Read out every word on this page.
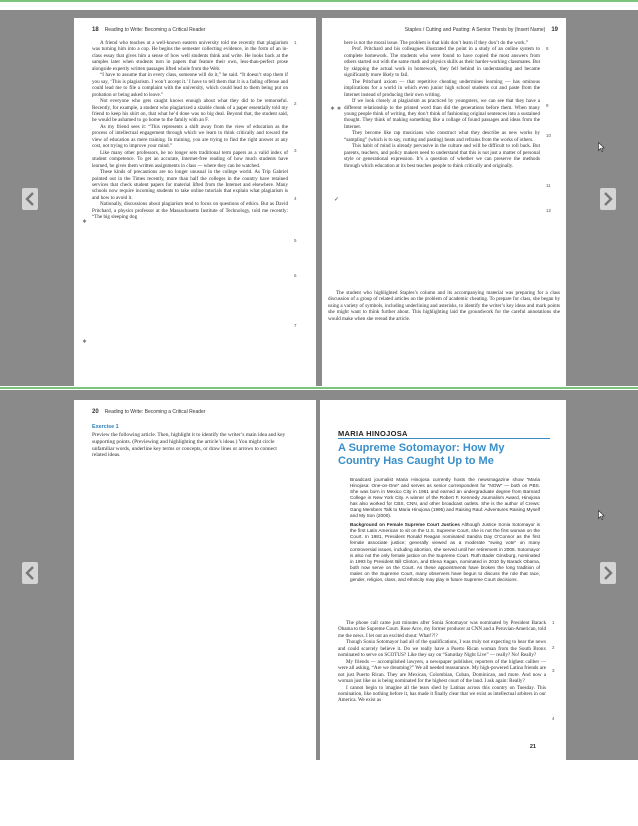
18 Reading to Write: Becoming a Critical Reader

A friend who teaches at a well-known eastern university told me recently that plagiarism was turning him into a cop. He begins the semester collecting evidence, in the form of an in-class essay that gives him a sense of how well students think and write. He looks back at the samples later when students turn in papers that feature their own, less-than-perfect prose alongside expertly written passages lifted whole from the Web.

“I have to assume that in every class, someone will do it,” he said. “It doesn’t stop them if you say, ‘This is plagiarism. I won’t accept it.’ I have to tell them that it is a fading offense and could lead me to file a complaint with the university, which could lead to them being put on probation or being asked to leave.”

Not everyone who gets caught knows enough about what they did to be remorseful. Recently, for example, a student who plagiarized a sizable chunk of a paper essentially told my friend to keep his shirt on, that what he’d done was no big deal. Beyond that, the student said, he would be ashamed to go home to the family with an F.

As my friend sees it: “This represents a shift away from the view of education as the process of intellectual engagement through which we learn to think critically and toward the view of education as mere training. In training, you are trying to find the right answer at any cost, not trying to improve your mind.”

Like many other professors, he no longer sets traditional term papers as a valid index of student competence. To get an accurate, Internet-free reading of how much students have learned, he gives them written assignments in class — where they can be watched.

These kinds of precautions are no longer unusual in the college world. As Trip Gabriel pointed out in the Times recently, more than half the colleges in the country have retained services that check student papers for material lifted from the Internet and elsewhere. Many schools now require incoming students to take online tutorials that explain what plagiarism is and how to avoid it.

Nationally, discussions about plagiarism tend to focus on questions of ethics. But as David Pritchard, a physics professor at the Massachusetts Institute of Technology, told me recently: “The big sleeping dog

1
2
3
4
5
6
7
∗
∗
Staples / Cutting and Pasting: A Senior Thesis by (Insert Name) 19

here is not the moral issue. The problem is that kids don’t learn if they don’t do the work.”

Prof. Pritchard and his colleagues illustrated the point in a study of an online system to complete homework. The students who were found to have copied the most answers from others started out with the same math and physics skills as their harder-working classmates. But by skipping the actual work in homework, they fell behind in understanding and became significantly more likely to fail.

The Pritchard axiom — that repetitive cheating undermines learning — has ominous implications for a world in which even junior high school students cut and paste from the Internet instead of producing their own writing.

If we look closely at plagiarism as practiced by youngsters, we can see that they have a different relationship to the printed word than did the generations before them. When many young people think of writing, they don’t think of fashioning original sentences into a sustained thought. They think of making something like a collage of found passages and ideas from the Internet.

They become like rap musicians who construct what they describe as new works by “sampling” (which is to say, cutting and pasting) beats and refrains from the works of others.

This habit of mind is already pervasive in the culture and will be difficult to roll back. But parents, teachers, and policy makers need to understand that this is not just a matter of personal style or generational expression. It’s a question of whether we can preserve the methods through which education at its best teaches people to think critically and originally.

8
9
10
11
12
∗ ∗
✓
The student who highlighted Staples’s column and its accompanying material was preparing for a class discussion of a group of related articles on the problem of academic cheating. To prepare for class, she began by using a variety of symbols, including underlining and asterisks, to identify the writer’s key ideas and mark points she might want to think further about. This highlighting laid the groundwork for the careful annotations she would make when she reread the article.
20 Reading to Write: Becoming a Critical Reader
Exercise 1
Preview the following article. Then, highlight it to identify the writer’s main idea and key supporting points. (Previewing and highlighting the article’s ideas.) You might circle unfamiliar words, underline key terms or concepts, or draw lines or arrows to connect related ideas.
MARIA HINOJOSA
A Supreme Sotomayor: How My Country Has Caught Up to Me

Broadcast journalist Maria Hinojosa currently hosts the newsmagazine show “Maria Hinojosa: One-on-One” and serves as senior correspondent for “NOW” — both on PBS. She was born in Mexico City in 1961 and earned an undergraduate degree from Barnard College in New York City. A winner of the Robert F. Kennedy Journalism Award, Hinojosa has also worked for CBS, CNN, and other broadcast outlets. She is the author of Crews: Gang Members Talk to Maria Hinojosa (1995) and Raising Raul: Adventures Raising Myself and My Son (2000).

Background on Female Supreme Court Justices Although Justice Sonia Sotomayor is the first Latin American to sit on the U.S. Supreme Court, she is not the first woman on the Court. In 1981, President Ronald Reagan nominated Sandra Day O’Connor as the first female associate justice; generally viewed as a moderate “swing vote” on many controversial issues, including abortion, she served until her retirement in 2006. Sotomayor is also not the only female justice on the Supreme Court. Ruth Bader Ginsburg, nominated in 1993 by President Bill Clinton, and Elena Kagan, nominated in 2010 by Barack Obama, both now serve on the Court. As these appointments have broken the long tradition of males on the Supreme Court, many observers have begun to discuss the role that race, gender, religion, class, and ethnicity may play in future Supreme Court decisions.

The phone call came just minutes after Sonia Sotomayor was nominated by President Barack Obama to the Supreme Court. Rose Arce, my former producer at CNN and a Peruvian-American, told me the news. I let out an excited shout: What!?!?

Though Sonia Sotomayor had all of the qualifications, I was truly not expecting to hear the news and could scarcely believe it. Do we really have a Puerto Rican woman from the South Bronx nominated to serve on SCOTUS? Like they say on “Saturday Night Live” — really? No! Really?

My friends — accomplished lawyers, a newspaper publisher, reporters of the highest caliber — were all asking, “Are we dreaming?” We all needed reassurance. My high-powered Latina friends are not just Puerto Rican. They are Mexican, Colombian, Cuban, Dominican, and more. And now a woman just like us is being nominated for the highest court of the land. I ask again: Really?

I cannot begin to imagine all the tears shed by Latinas across this country on Tuesday. This nomination, like nothing before it, has made it finally clear that we exist as intellectual arbiters in our America. We exist as

1
2
3
4
21
